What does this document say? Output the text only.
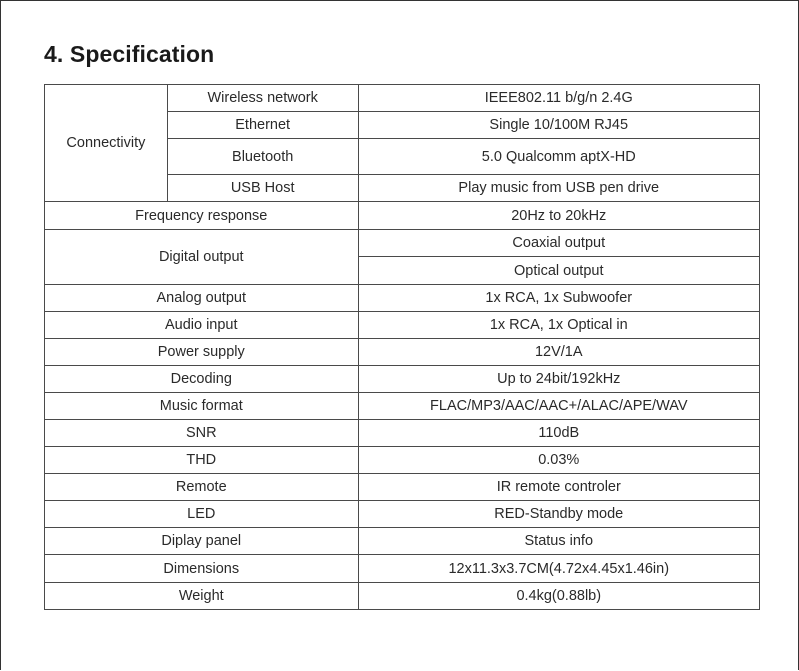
4. Specification
Connectivity	Wireless network	IEEE802.11 b/g/n 2.4G
	Ethernet	Single 10/100M RJ45
	Bluetooth	5.0 Qualcomm aptX-HD
	USB Host	Play music from USB pen drive
Frequency response		20Hz to 20kHz
Digital output		Coaxial output
		Optical output
Analog output		1x RCA, 1x Subwoofer
Audio input		1x RCA, 1x Optical in
Power supply		12V/1A
Decoding		Up to 24bit/192kHz
Music format		FLAC/MP3/AAC/AAC+/ALAC/APE/WAV
SNR		110dB
THD		0.03%
Remote		IR remote controler
LED		RED-Standby mode
Diplay panel		Status info
Dimensions		12x11.3x3.7CM(4.72x4.45x1.46in)
Weight		0.4kg(0.88lb)
